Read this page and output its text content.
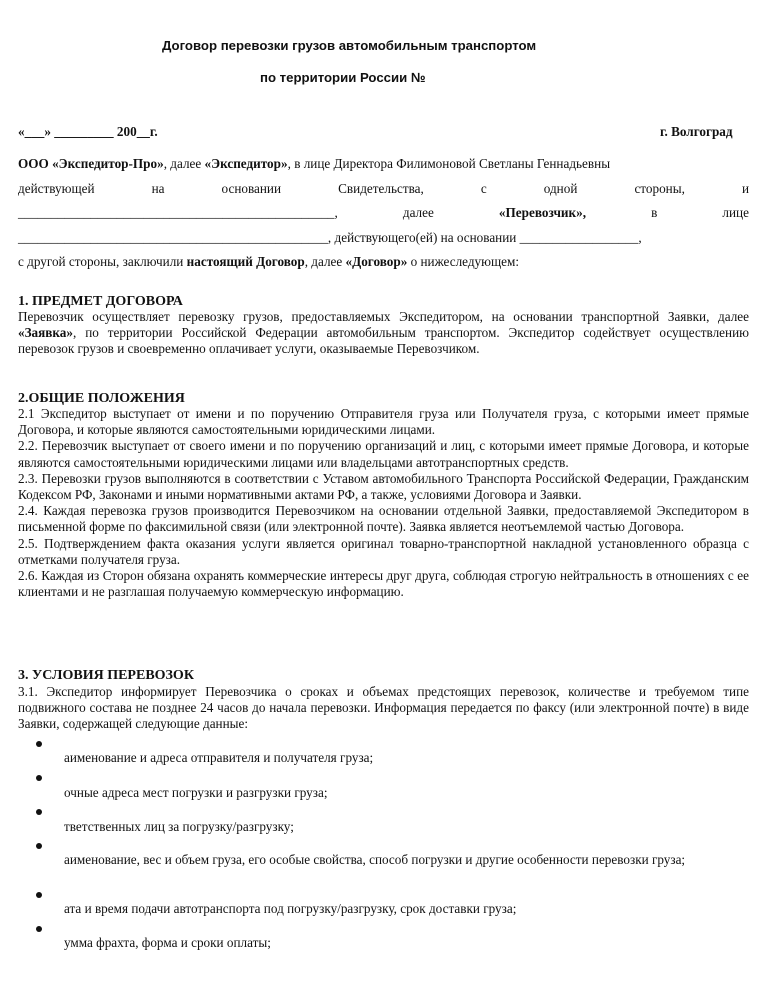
Договор перевозки грузов автомобильным транспортом
по территории России №
«___» _________ 200__г.	г. Волгоград
ООО «Экспедитор-Про», далее «Экспедитор», в лице Директора Филимоновой Светланы Геннадьевны
действующей	на	основании	Свидетельства,	с	одной	стороны,	и
________________________________________________,	далее	«Перевозчик»,	в	лице
_______________________________________________, действующего(ей) на основании __________________,
с другой стороны, заключили настоящий Договор, далее «Договор» о нижеследующем:
1. ПРЕДМЕТ ДОГОВОРА
Перевозчик осуществляет перевозку грузов, предоставляемых Экспедитором, на основании транспортной Заявки, далее «Заявка», по территории Российской Федерации автомобильным транспортом. Экспедитор содействует осуществлению перевозок грузов и своевременно оплачивает услуги, оказываемые Перевозчиком.
2.ОБЩИЕ ПОЛОЖЕНИЯ
2.1 Экспедитор выступает от имени и по поручению Отправителя груза или Получателя груза, с которыми имеет прямые Договора, и которые являются самостоятельными юридическими лицами.
2.2. Перевозчик выступает от своего имени и по поручению организаций и лиц, с которыми имеет прямые Договора, и которые являются самостоятельными юридическими лицами или владельцами автотранспортных средств.
2.3. Перевозки грузов выполняются в соответствии с Уставом автомобильного Транспорта Российской Федерации, Гражданским Кодексом РФ, Законами и иными нормативными актами РФ, а также, условиями Договора и Заявки.
2.4. Каждая перевозка грузов производится Перевозчиком на основании отдельной Заявки, предоставляемой Экспедитором в письменной форме по факсимильной связи (или электронной почте). Заявка является неотъемлемой частью Договора.
2.5. Подтверждением факта оказания услуги является оригинал товарно-транспортной накладной установленного образца с отметками получателя груза.
2.6. Каждая из Сторон обязана охранять коммерческие интересы друг друга, соблюдая строгую нейтральность в отношениях с ее клиентами и не разглашая получаемую коммерческую информацию.
3. УСЛОВИЯ ПЕРЕВОЗОК
3.1. Экспедитор информирует Перевозчика о сроках и объемах предстоящих перевозок, количестве и требуемом типе подвижного состава не позднее 24 часов до начала перевозки. Информация передается по факсу (или электронной почте) в виде Заявки, содержащей следующие данные:
аименование и адреса отправителя и получателя груза;
очные адреса мест погрузки и разгрузки груза;
тветственных лиц за погрузку/разгрузку;
аименование, вес и объем груза, его особые свойства, способ погрузки и другие особенности перевозки груза;
ата и время подачи автотранспорта под погрузку/разгрузку, срок доставки груза;
умма фрахта, форма и сроки оплаты;
